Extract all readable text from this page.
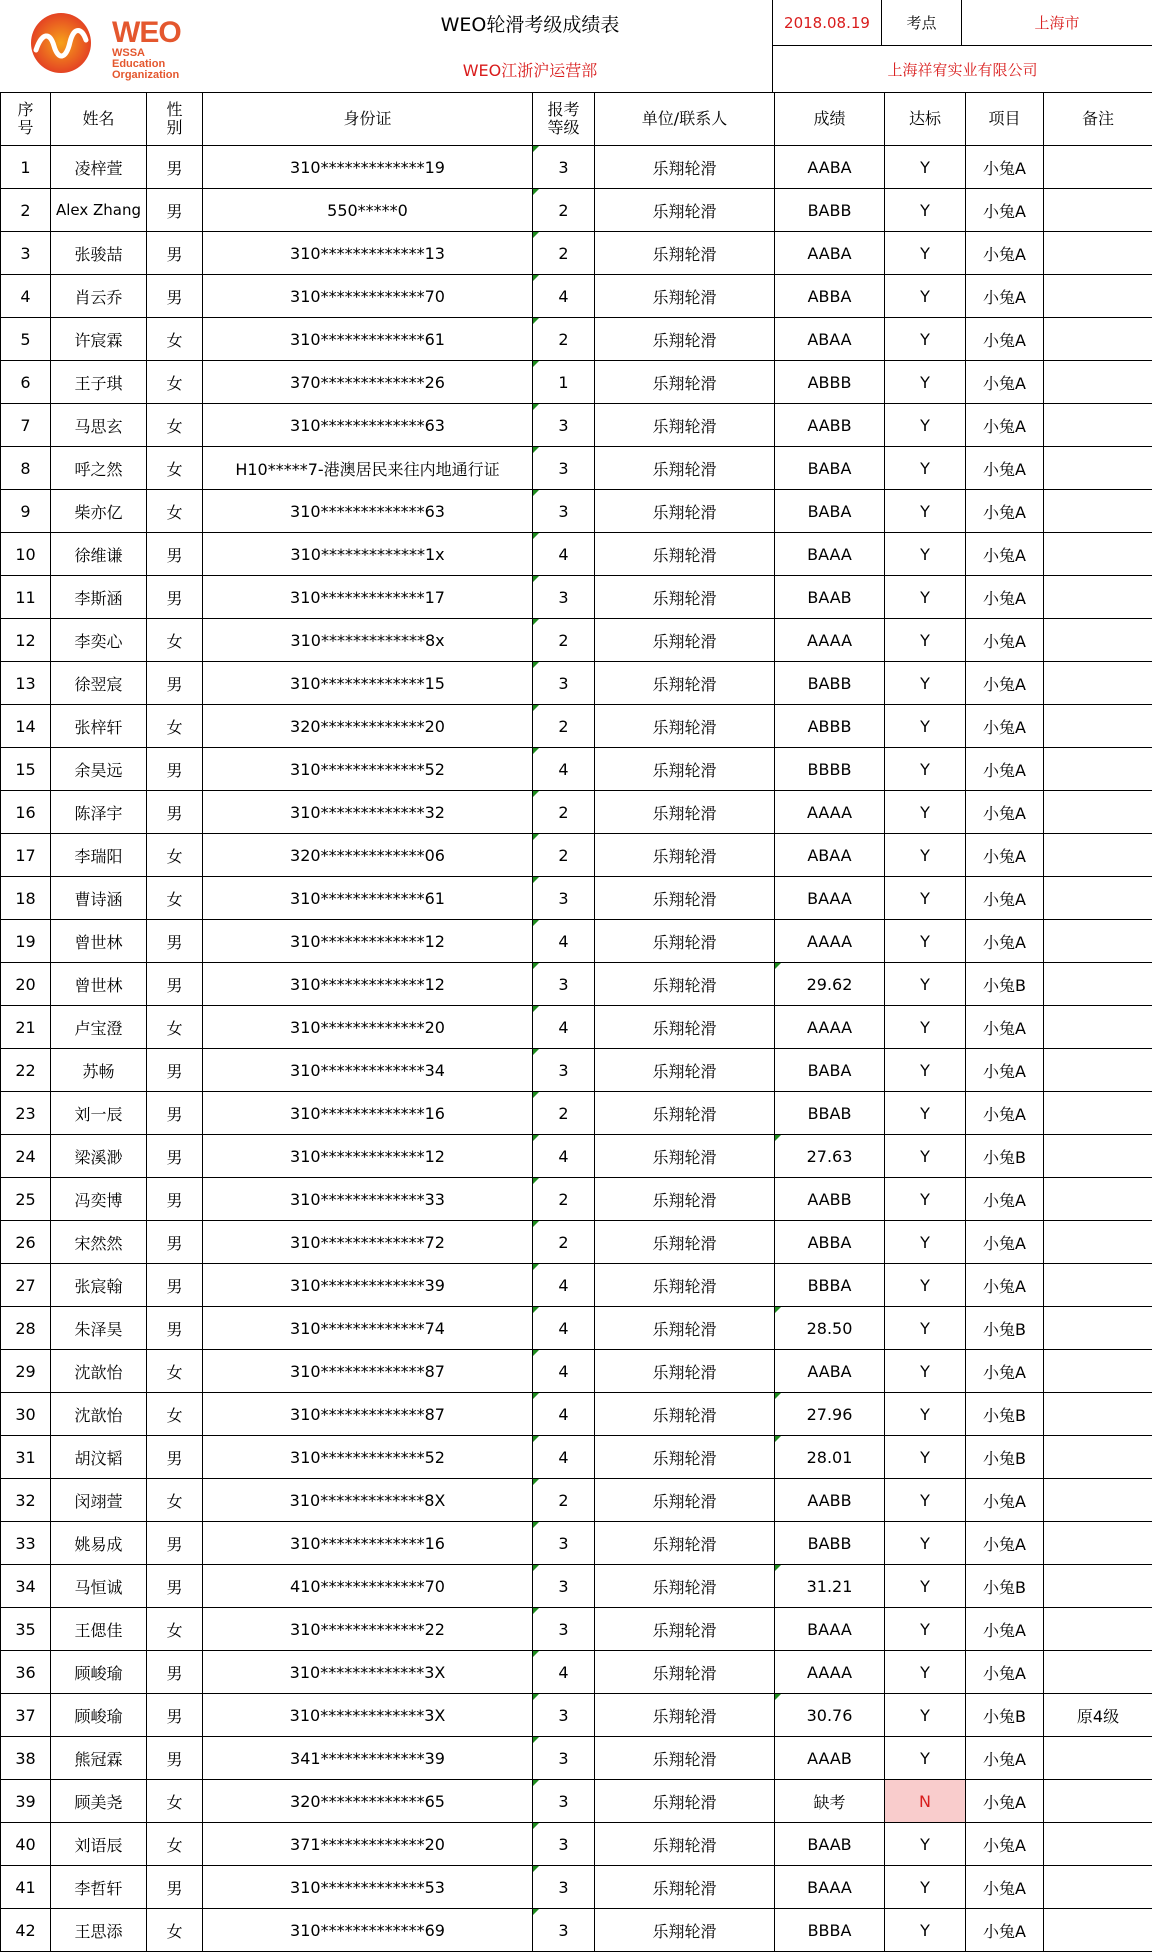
WEO
WSSA
Education
Organization
WEO轮滑考级成绩表
WEO江浙沪运营部
2018.08.19	考点	上海市
上海祥宥实业有限公司
序号	姓名	性别	身份证	报考等级	单位/联系人	成绩	达标	项目	备注
1	凌梓萱	男	310*************19	3	乐翔轮滑	AABA	Y	小兔A	
2	Alex Zhang	男	550*****0	2	乐翔轮滑	BABB	Y	小兔A	
3	张骏喆	男	310*************13	2	乐翔轮滑	AABA	Y	小兔A	
4	肖云乔	男	310*************70	4	乐翔轮滑	ABBA	Y	小兔A	
5	许宸霖	女	310*************61	2	乐翔轮滑	ABAA	Y	小兔A	
6	王子琪	女	370*************26	1	乐翔轮滑	ABBB	Y	小兔A	
7	马思玄	女	310*************63	3	乐翔轮滑	AABB	Y	小兔A	
8	呼之然	女	H10*****7-港澳居民来往内地通行证	3	乐翔轮滑	BABA	Y	小兔A	
9	柴亦亿	女	310*************63	3	乐翔轮滑	BABA	Y	小兔A	
10	徐维谦	男	310*************1x	4	乐翔轮滑	BAAA	Y	小兔A	
11	李斯涵	男	310*************17	3	乐翔轮滑	BAAB	Y	小兔A	
12	李奕心	女	310*************8x	2	乐翔轮滑	AAAA	Y	小兔A	
13	徐翌宸	男	310*************15	3	乐翔轮滑	BABB	Y	小兔A	
14	张梓轩	女	320*************20	2	乐翔轮滑	ABBB	Y	小兔A	
15	余昊远	男	310*************52	4	乐翔轮滑	BBBB	Y	小兔A	
16	陈泽宇	男	310*************32	2	乐翔轮滑	AAAA	Y	小兔A	
17	李瑞阳	女	320*************06	2	乐翔轮滑	ABAA	Y	小兔A	
18	曹诗涵	女	310*************61	3	乐翔轮滑	BAAA	Y	小兔A	
19	曾世林	男	310*************12	4	乐翔轮滑	AAAA	Y	小兔A	
20	曾世林	男	310*************12	3	乐翔轮滑	29.62	Y	小兔B	
21	卢宝澄	女	310*************20	4	乐翔轮滑	AAAA	Y	小兔A	
22	苏畅	男	310*************34	3	乐翔轮滑	BABA	Y	小兔A	
23	刘一辰	男	310*************16	2	乐翔轮滑	BBAB	Y	小兔A	
24	梁溪渺	男	310*************12	4	乐翔轮滑	27.63	Y	小兔B	
25	冯奕博	男	310*************33	2	乐翔轮滑	AABB	Y	小兔A	
26	宋然然	男	310*************72	2	乐翔轮滑	ABBA	Y	小兔A	
27	张宸翰	男	310*************39	4	乐翔轮滑	BBBA	Y	小兔A	
28	朱泽昊	男	310*************74	4	乐翔轮滑	28.50	Y	小兔B	
29	沈歆怡	女	310*************87	4	乐翔轮滑	AABA	Y	小兔A	
30	沈歆怡	女	310*************87	4	乐翔轮滑	27.96	Y	小兔B	
31	胡汶韬	男	310*************52	4	乐翔轮滑	28.01	Y	小兔B	
32	闵翊萱	女	310*************8X	2	乐翔轮滑	AABB	Y	小兔A	
33	姚易成	男	310*************16	3	乐翔轮滑	BABB	Y	小兔A	
34	马恒诚	男	410*************70	3	乐翔轮滑	31.21	Y	小兔B	
35	王偲佳	女	310*************22	3	乐翔轮滑	BAAA	Y	小兔A	
36	顾峻瑜	男	310*************3X	4	乐翔轮滑	AAAA	Y	小兔A	
37	顾峻瑜	男	310*************3X	3	乐翔轮滑	30.76	Y	小兔B	原4级
38	熊冠霖	男	341*************39	3	乐翔轮滑	AAAB	Y	小兔A	
39	顾美尧	女	320*************65	3	乐翔轮滑	缺考	N	小兔A	
40	刘语辰	女	371*************20	3	乐翔轮滑	BAAB	Y	小兔A	
41	李哲轩	男	310*************53	3	乐翔轮滑	BAAA	Y	小兔A	
42	王思添	女	310*************69	3	乐翔轮滑	BBBA	Y	小兔A	
